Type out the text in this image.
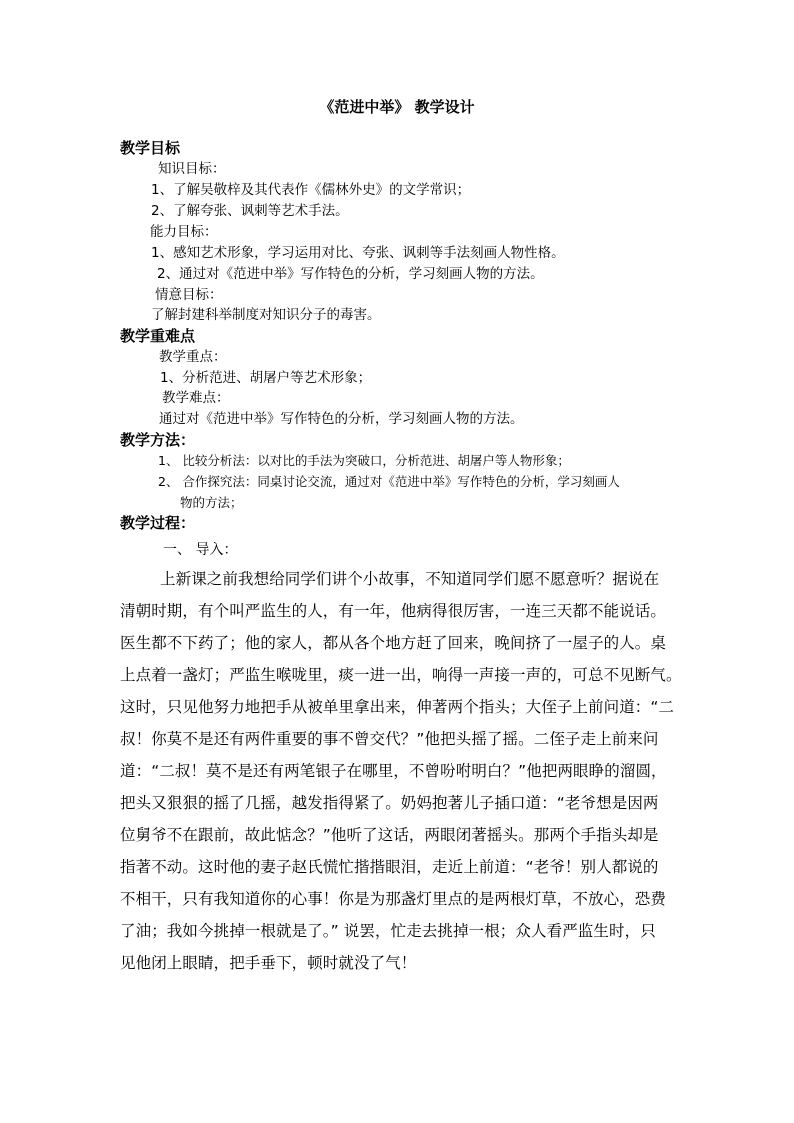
《范进中举》 教学设计
教学目标
知识目标：
1、了解吴敬梓及其代表作《儒林外史》的文学常识；
2、了解夸张、讽刺等艺术手法。
能力目标：
1、感知艺术形象，学习运用对比、夸张、讽刺等手法刻画人物性格。
2、通过对《范进中举》写作特色的分析，学习刻画人物的方法。
情意目标：
了解封建科举制度对知识分子的毒害。
教学重难点
教学重点：
1、分析范进、胡屠户等艺术形象；
教学难点：
通过对《范进中举》写作特色的分析，学习刻画人物的方法。
教学方法：
1、 比较分析法：以对比的手法为突破口，分析范进、胡屠户等人物形象；
2、 合作探究法：同桌讨论交流，通过对《范进中举》写作特色的分析，学习刻画人
物的方法；
教学过程：
一、 导入：
上新课之前我想给同学们讲个小故事，不知道同学们愿不愿意听？据说在
清朝时期，有个叫严监生的人，有一年，他病得很厉害，一连三天都不能说话。
医生都不下药了；他的家人，都从各个地方赶了回来，晚间挤了一屋子的人。桌
上点着一盏灯；严监生喉咙里，痰一进一出，响得一声接一声的，可总不见断气。
这时，只见他努力地把手从被单里拿出来，伸著两个指头；大侄子上前问道：“二
叔！你莫不是还有两件重要的事不曾交代？”他把头摇了摇。二侄子走上前来问
道：“二叔！莫不是还有两笔银子在哪里，不曾吩咐明白？”他把两眼睁的溜圆，
把头又狠狠的摇了几摇，越发指得紧了。奶妈抱著儿子插口道：“老爷想是因两
位舅爷不在跟前，故此惦念？”他听了这话，两眼闭著摇头。那两个手指头却是
指著不动。这时他的妻子赵氏慌忙揩揩眼泪，走近上前道：“老爷！别人都说的
不相干，只有我知道你的心事！你是为那盏灯里点的是两根灯草，不放心，恐费
了油；我如今挑掉一根就是了。” 说罢，忙走去挑掉一根；众人看严监生时，只
见他闭上眼睛，把手垂下，顿时就没了气！
